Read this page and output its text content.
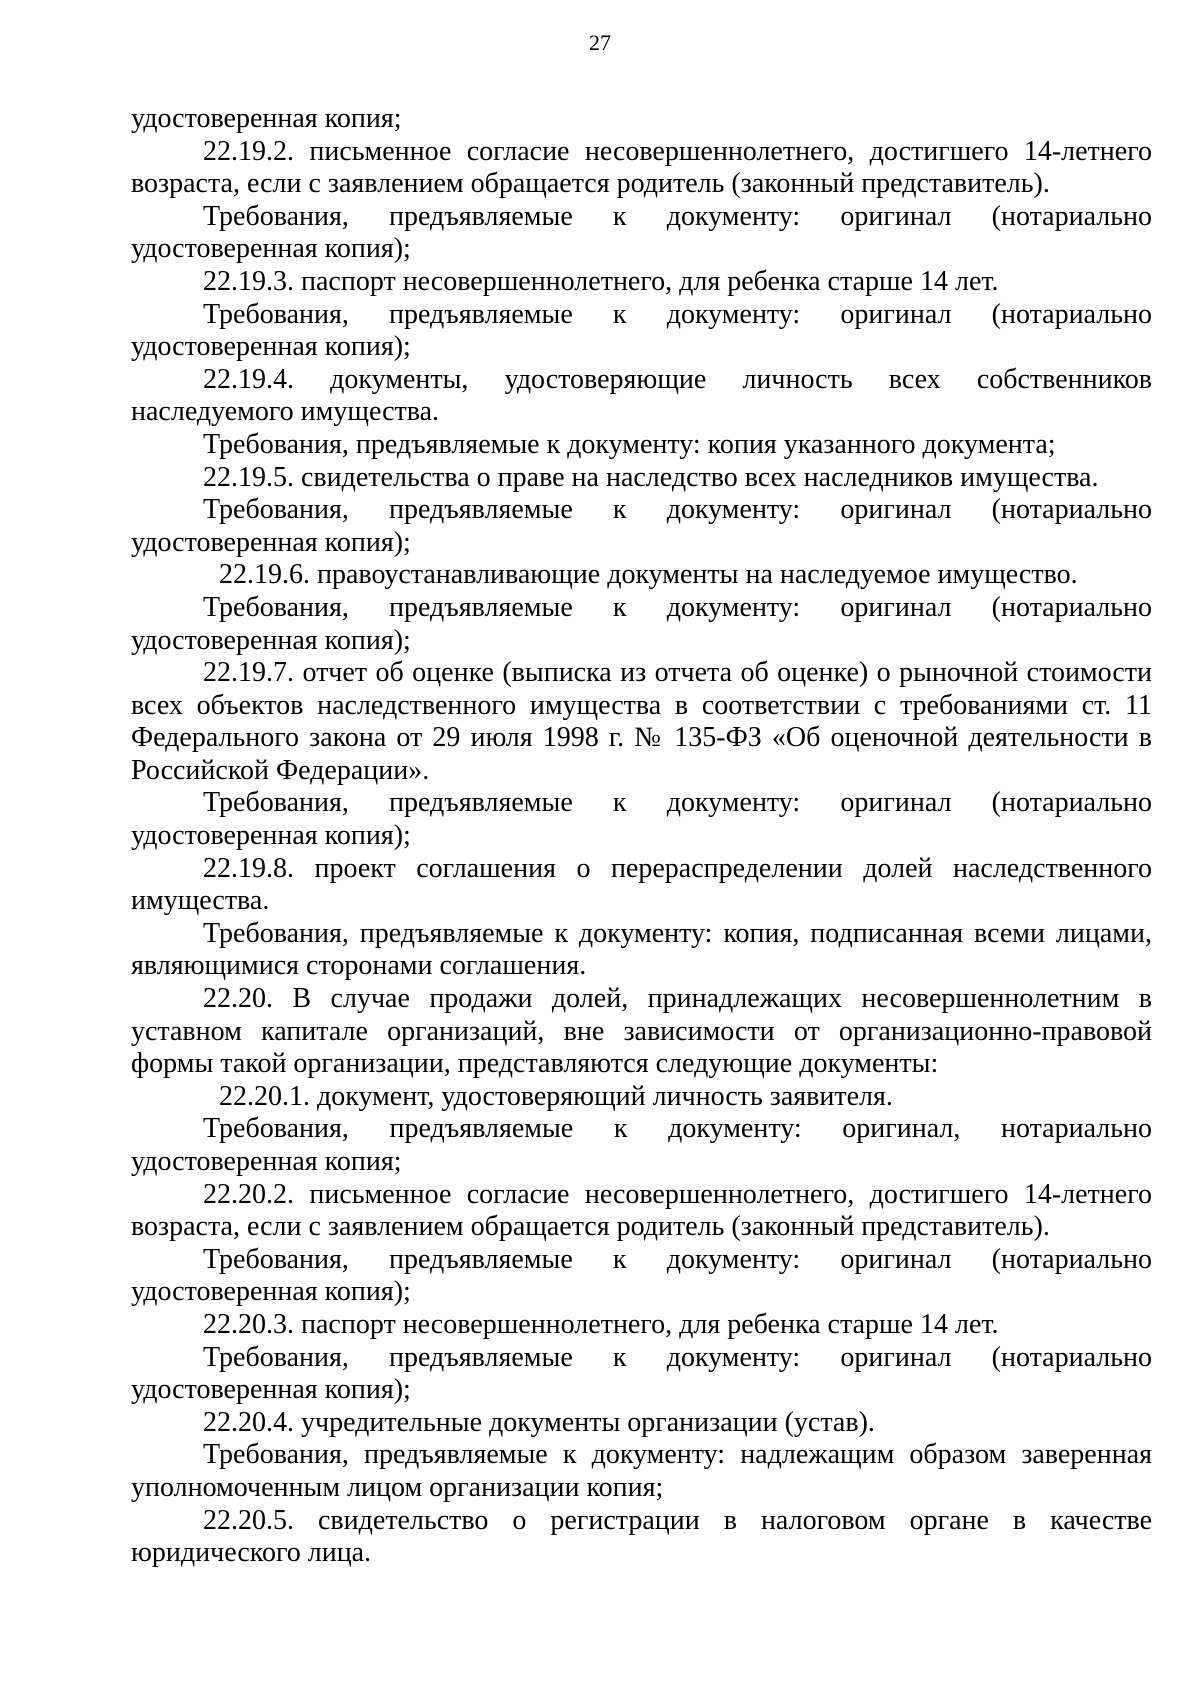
27

удостоверенная копия;

22.19.2. письменное согласие несовершеннолетнего, достигшего 14-летнего возраста, если с заявлением обращается родитель (законный представитель).

Требования, предъявляемые к документу: оригинал (нотариально удостоверенная копия);

22.19.3. паспорт несовершеннолетнего, для ребенка старше 14 лет.

Требования, предъявляемые к документу: оригинал (нотариально удостоверенная копия);

22.19.4. документы, удостоверяющие личность всех собственников наследуемого имущества.

Требования, предъявляемые к документу: копия указанного документа;

22.19.5. свидетельства о праве на наследство всех наследников имущества.

Требования, предъявляемые к документу: оригинал (нотариально удостоверенная копия);

22.19.6. правоустанавливающие документы на наследуемое имущество.

Требования, предъявляемые к документу: оригинал (нотариально удостоверенная копия);

22.19.7. отчет об оценке (выписка из отчета об оценке) о рыночной стоимости всех объектов наследственного имущества в соответствии с требованиями ст. 11 Федерального закона от 29 июля 1998 г. № 135-ФЗ «Об оценочной деятельности в Российской Федерации».

Требования, предъявляемые к документу: оригинал (нотариально удостоверенная копия);

22.19.8. проект соглашения о перераспределении долей наследственного имущества.

Требования, предъявляемые к документу: копия, подписанная всеми лицами, являющимися сторонами соглашения.

22.20. В случае продажи долей, принадлежащих несовершеннолетним в уставном капитале организаций, вне зависимости от организационно-правовой формы такой организации, представляются следующие документы:

22.20.1. документ, удостоверяющий личность заявителя.

Требования, предъявляемые к документу: оригинал, нотариально удостоверенная копия;

22.20.2. письменное согласие несовершеннолетнего, достигшего 14-летнего возраста, если с заявлением обращается родитель (законный представитель).

Требования, предъявляемые к документу: оригинал (нотариально удостоверенная копия);

22.20.3. паспорт несовершеннолетнего, для ребенка старше 14 лет.

Требования, предъявляемые к документу: оригинал (нотариально удостоверенная копия);

22.20.4. учредительные документы организации (устав).

Требования, предъявляемые к документу: надлежащим образом заверенная уполномоченным лицом организации копия;

22.20.5. свидетельство о регистрации в налоговом органе в качестве юридического лица.
